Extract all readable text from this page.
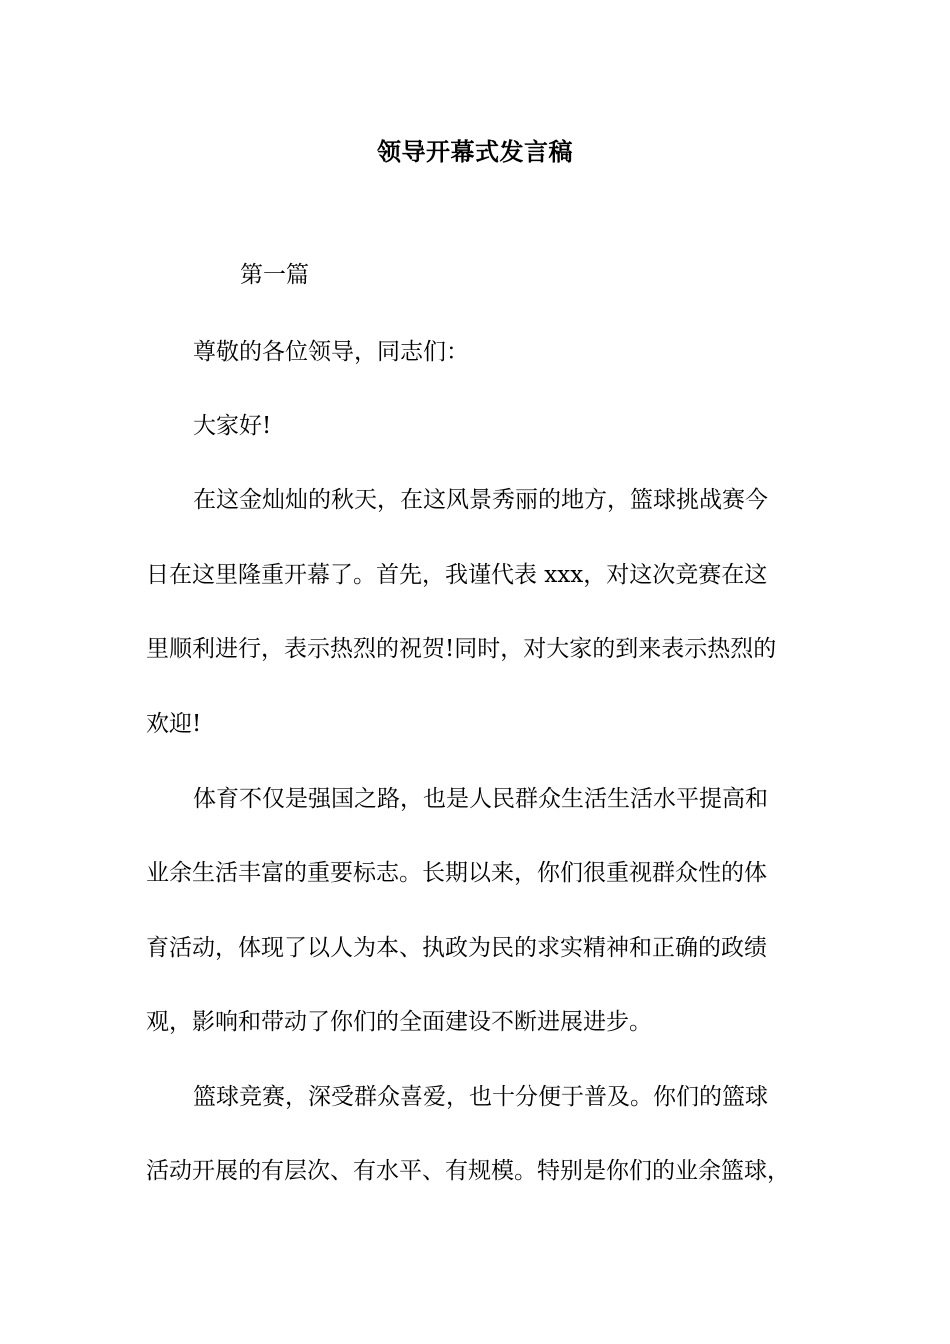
领导开幕式发言稿
第一篇
尊敬的各位领导，同志们：
大家好!
在这金灿灿的秋天，在这风景秀丽的地方，篮球挑战赛今
日在这里隆重开幕了。首先，我谨代表 xxx，对这次竞赛在这
里顺利进行，表示热烈的祝贺!同时，对大家的到来表示热烈的
欢迎!
体育不仅是强国之路，也是人民群众生活生活水平提高和
业余生活丰富的重要标志。长期以来，你们很重视群众性的体
育活动，体现了以人为本、执政为民的求实精神和正确的政绩
观，影响和带动了你们的全面建设不断进展进步。
篮球竞赛，深受群众喜爱，也十分便于普及。你们的篮球
活动开展的有层次、有水平、有规模。特别是你们的业余篮球，
